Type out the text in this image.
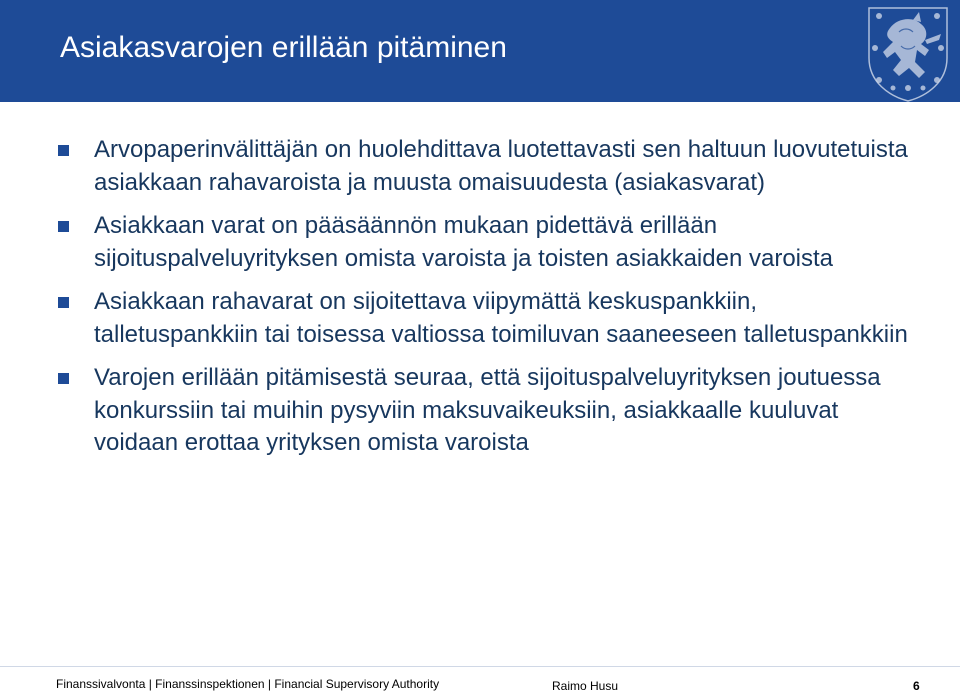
Asiakasvarojen erillään pitäminen
Arvopaperinvälittäjän on huolehdittava luotettavasti sen haltuun luovutetuista asiakkaan rahavaroista ja muusta omaisuudesta (asiakasvarat)
Asiakkaan varat on pääsäännön mukaan pidettävä erillään sijoituspalveluyrityksen omista varoista ja toisten asiakkaiden varoista
Asiakkaan rahavarat on sijoitettava viipymättä keskuspankkiin, talletuspankkiin tai toisessa valtiossa toimiluvan saaneeseen talletuspankkiin
Varojen erillään pitämisestä seuraa, että sijoituspalveluyrityksen joutuessa konkurssiin tai muihin pysyviin maksuvaikeuksiin, asiakkaalle kuuluvat voidaan erottaa yrityksen omista varoista
Finanssivalvonta | Finanssinspektionen | Financial Supervisory Authority	Raimo Husu	6
